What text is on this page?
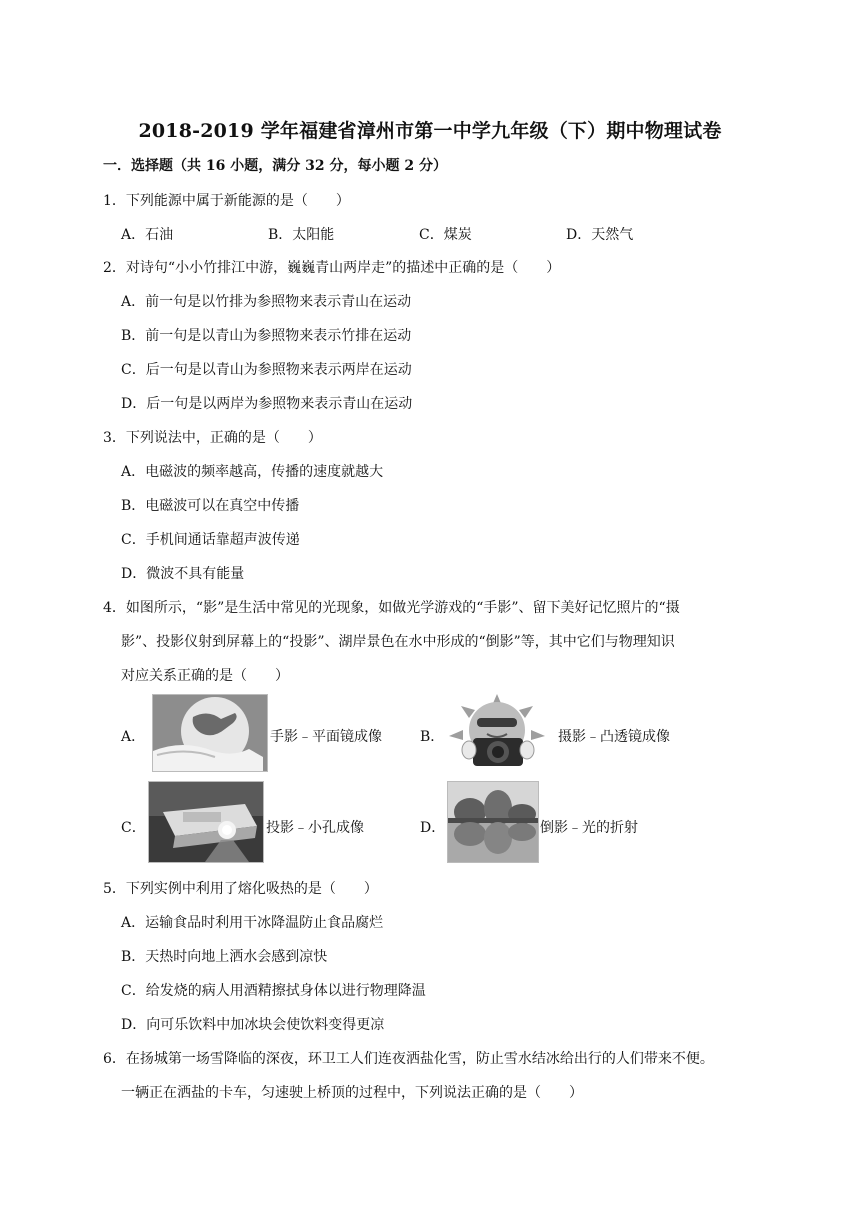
2018-2019 学年福建省漳州市第一中学九年级（下）期中物理试卷
一．选择题（共 16 小题，满分 32 分，每小题 2 分）
1．下列能源中属于新能源的是（　　）
A．石油	B．太阳能	C．煤炭	D．天然气
2．对诗句“小小竹排江中游，巍巍青山两岸走”的描述中正确的是（　　）
A．前一句是以竹排为参照物来表示青山在运动
B．前一句是以青山为参照物来表示竹排在运动
C．后一句是以青山为参照物来表示两岸在运动
D．后一句是以两岸为参照物来表示青山在运动
3．下列说法中，正确的是（　　）
A．电磁波的频率越高，传播的速度就越大
B．电磁波可以在真空中传播
C．手机间通话靠超声波传递
D．微波不具有能量
4．如图所示，“影”是生活中常见的光现象，如做光学游戏的“手影”、留下美好记忆照片的“摄
影”、投影仪射到屏幕上的“投影”、湖岸景色在水中形成的“倒影”等，其中它们与物理知识
对应关系正确的是（　　）
A．	手影﹣平面镜成像	B．	摄影﹣凸透镜成像
C．	投影﹣小孔成像	D．	倒影﹣光的折射
5．下列实例中利用了熔化吸热的是（　　）
A．运输食品时利用干冰降温防止食品腐烂
B．天热时向地上洒水会感到凉快
C．给发烧的病人用酒精擦拭身体以进行物理降温
D．向可乐饮料中加冰块会使饮料变得更凉
6．在扬城第一场雪降临的深夜，环卫工人们连夜洒盐化雪，防止雪水结冰给出行的人们带来不便。
一辆正在洒盐的卡车，匀速驶上桥顶的过程中，下列说法正确的是（　　）
